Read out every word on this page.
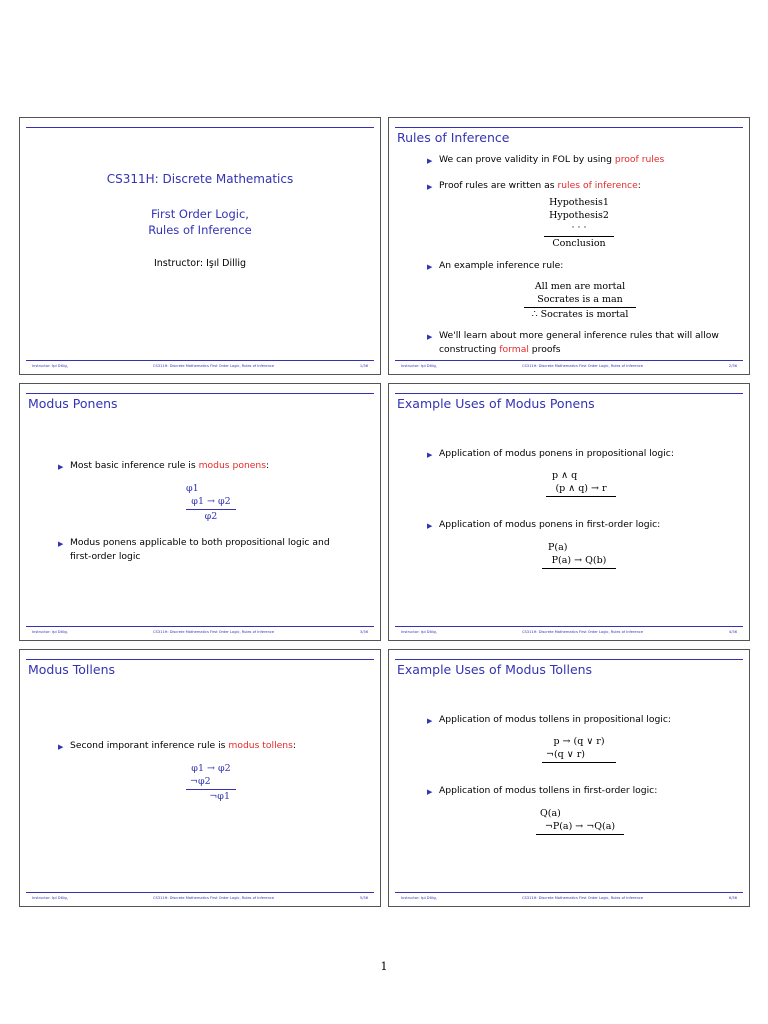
CS311H: Discrete Mathematics
First Order Logic,
Rules of Inference
Instructor: Işıl Dillig
Instructor: Işıl Dillig,	CS311H: Discrete Mathematics First Order Logic, Rules of Inference	1/36
Rules of Inference
▶ We can prove validity in FOL by using proof rules
▶ Proof rules are written as rules of inference:
Hypothesis1
Hypothesis2
· · ·
Conclusion
▶ An example inference rule:
All men are mortal
Socrates is a man
∴ Socrates is mortal
▶ We'll learn about more general inference rules that will allow
constructing formal proofs
Instructor: Işıl Dillig,	CS311H: Discrete Mathematics First Order Logic, Rules of Inference	2/36
Modus Ponens
▶ Most basic inference rule is modus ponens:
φ1
φ1 → φ2
φ2
▶ Modus ponens applicable to both propositional logic and
first-order logic
Instructor: Işıl Dillig,	CS311H: Discrete Mathematics First Order Logic, Rules of Inference	3/36
Example Uses of Modus Ponens
▶ Application of modus ponens in propositional logic:
p ∧ q
(p ∧ q) → r
▶ Application of modus ponens in first-order logic:
P(a)
P(a) → Q(b)
Instructor: Işıl Dillig,	CS311H: Discrete Mathematics First Order Logic, Rules of Inference	4/36
Modus Tollens
▶ Second imporant inference rule is modus tollens:
φ1 → φ2
¬φ2
¬φ1
Instructor: Işıl Dillig,	CS311H: Discrete Mathematics First Order Logic, Rules of Inference	5/36
Example Uses of Modus Tollens
▶ Application of modus tollens in propositional logic:
p → (q ∨ r)
¬(q ∨ r)
▶ Application of modus tollens in first-order logic:
Q(a)
¬P(a) → ¬Q(a)
Instructor: Işıl Dillig,	CS311H: Discrete Mathematics First Order Logic, Rules of Inference	6/36
1
